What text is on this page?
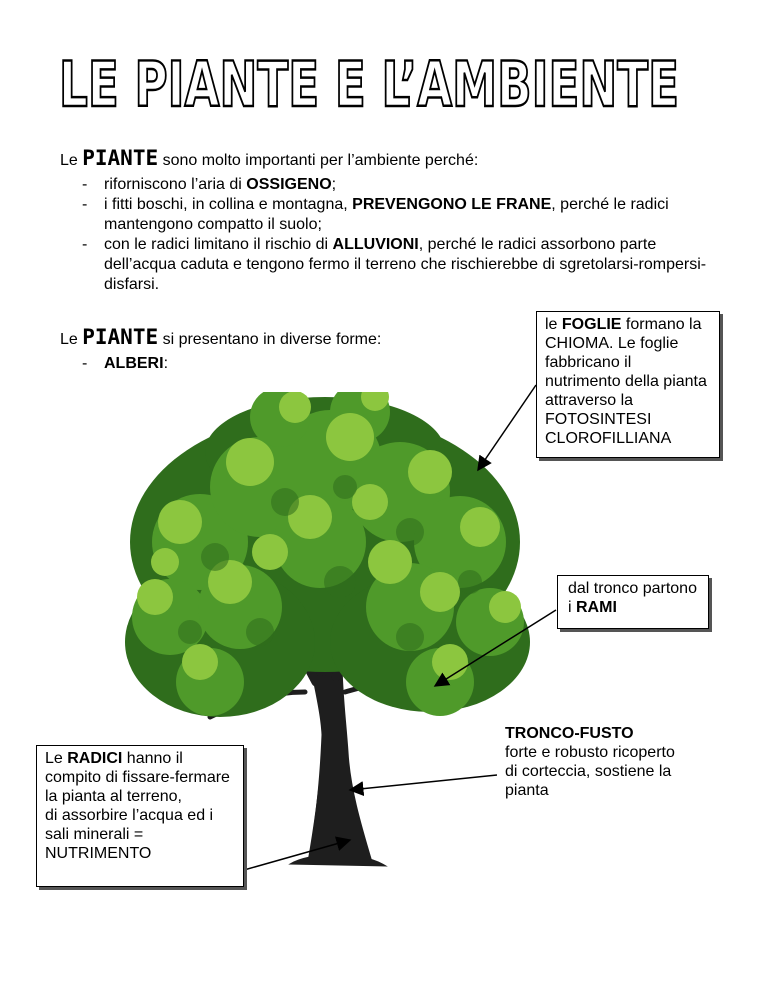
LE PIANTE E L’AMBIENTE
Le PIANTE sono molto importanti per l’ambiente perché:
- riforniscono l’aria di OSSIGENO;
- i fitti boschi, in collina e montagna, PREVENGONO LE FRANE, perché le radici mantengono compatto il suolo;
- con le radici limitano il rischio di ALLUVIONI, perché le radici assorbono parte dell’acqua caduta e tengono fermo il terreno che rischierebbe di sgretolarsi-rompersi-disfarsi.
Le PIANTE si presentano in diverse forme:
- ALBERI:
le FOGLIE formano la CHIOMA. Le foglie fabbricano il nutrimento della pianta attraverso la FOTOSINTESI CLOROFILLIANA
dal tronco partono i RAMI
TRONCO-FUSTO
forte e robusto ricoperto di corteccia, sostiene la pianta
Le RADICI hanno il compito di fissare-fermare la pianta al terreno,
di assorbire l’acqua ed i sali minerali = NUTRIMENTO
